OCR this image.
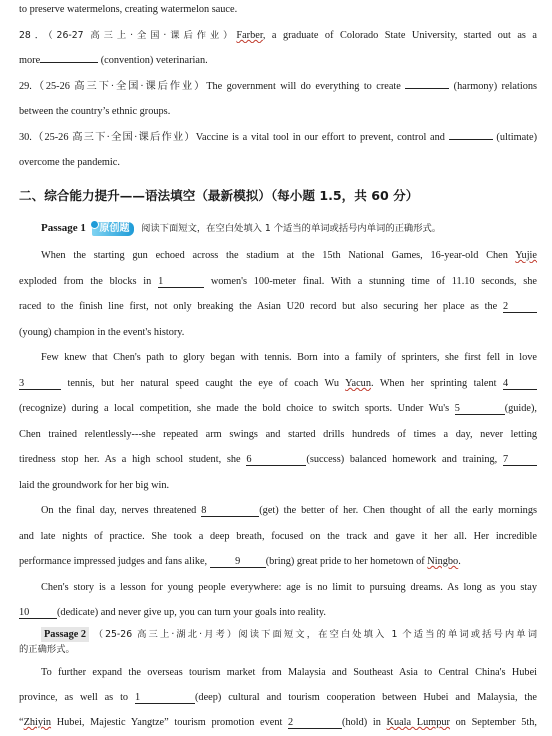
to preserve watermelons, creating watermelon sauce.
28．（26-27 高三上·全国·课后作业）Farber, a graduate of Colorado State University, started out as a
more	(convention) veterinarian.
29.（25-26 高三下·全国·课后作业）The government will do everything to create	(harmony) relations
between the country’s ethnic groups.
30.（25-26 高三下·全国·课后作业）Vaccine is a vital tool in our effort to prevent, control and	(ultimate)
overcome the pandemic.
二、综合能力提升——语法填空（最新模拟）（每小题 1.5，共 60 分）
Passage 1 原创题 阅读下面短文，在空白处填入 1 个适当的单词或括号内单词的正确形式。
When the starting gun echoed across the stadium at the 15th National Games, 16-year-old Chen Yujie
exploded from the blocks in 1	women's 100-meter final. With a stunning time of 11.10 seconds, she
raced to the finish line first, not only breaking the Asian U20 record but also securing her place as the 2
(young) champion in the event's history.
Few knew that Chen's path to glory began with tennis. Born into a family of sprinters, she first fell in love
3	tennis, but her natural speed caught the eye of coach Wu Yacun. When her sprinting talent 4
(recognize) during a local competition, she made the bold choice to switch sports. Under Wu's 5	(guide),
Chen trained relentlessly---she repeated arm swings and started drills hundreds of times a day, never letting
tiredness stop her. As a high school student, she 6	(success) balanced homework and training, 7
laid the groundwork for her big win.
On the final day, nerves threatened 8	(get) the better of her. Chen thought of all the early mornings
and late nights of practice. She took a deep breath, focused on the track and gave it her all. Her incredible
performance impressed judges and fans alike,	9 (bring) great pride to her hometown of Ningbo.
Chen's story is a lesson for young people everywhere: age is no limit to pursuing dreams. As long as you stay
10	(dedicate) and never give up, you can turn your goals into reality.
Passage 2 （25-26 高三上·湖北·月考）阅读下面短文，在空白处填入 1 个适当的单词或括号内单词
的正确形式。
To further expand the overseas tourism market from Malaysia and Southeast Asia to Central China's Hubei
province, as well as to 1	(deep) cultural and tourism cooperation between Hubei and Malaysia, the
“Zhiyin Hubei, Majestic Yangtze” tourism promotion event 2	(hold) in Kuala Lumpur on September 5th,
